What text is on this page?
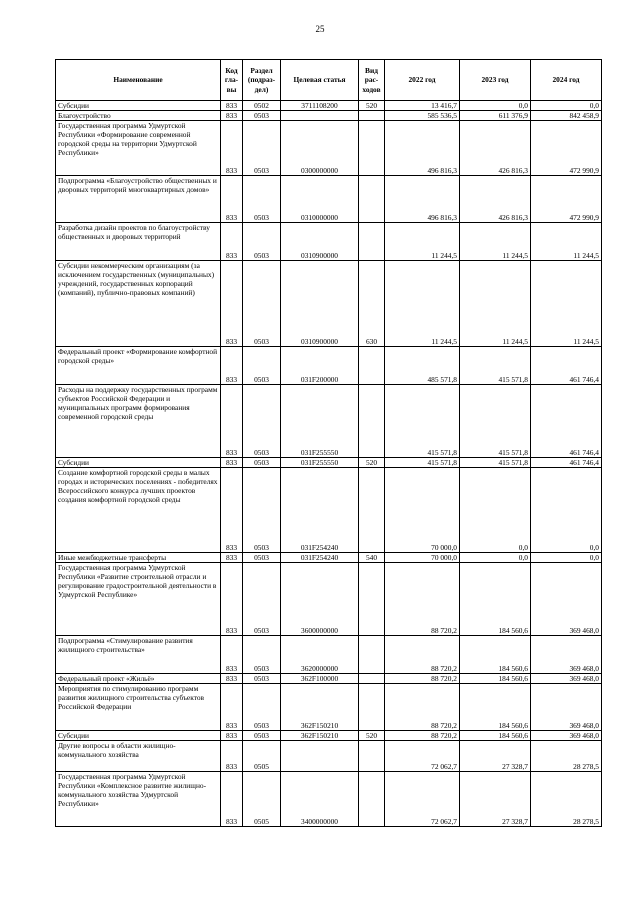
25
Наименование	Код гла-вы	Раздел (подраз-дел)	Целевая статья	Вид рас-ходов	2022 год	2023 год	2024 год
Субсидии	833	0502	3711108200	520	13 416,7	0,0	0,0
Благоустройство	833	0503			585 536,5	611 376,9	842 458,9
Государственная программа Удмуртской Республики «Формирование современной городской среды на территории Удмуртской Республики»	833	0503	0300000000		496 816,3	426 816,3	472 990,9
Подпрограмма «Благоустройство общественных и дворовых территорий многоквартирных домов»	833	0503	0310000000		496 816,3	426 816,3	472 990,9
Разработка дизайн проектов по благоустройству общественных и дворовых территорий	833	0503	0310900000		11 244,5	11 244,5	11 244,5
Субсидии некоммерческим организациям (за исключением государственных (муниципальных) учреждений, государственных корпораций (компаний), публично-правовых компаний)	833	0503	0310900000	630	11 244,5	11 244,5	11 244,5
Федеральный проект «Формирование комфортной городской среды»	833	0503	031F200000		485 571,8	415 571,8	461 746,4
Расходы на поддержку государственных программ субъектов Российской Федерации и муниципальных программ формирования современной городской среды	833	0503	031F255550		415 571,8	415 571,8	461 746,4
Субсидии	833	0503	031F255550	520	415 571,8	415 571,8	461 746,4
Создание комфортной городской среды в малых городах и исторических поселениях - победителях Всероссийского конкурса лучших проектов создания комфортной городской среды	833	0503	031F254240		70 000,0	0,0	0,0
Иные межбюджетные трансферты	833	0503	031F254240	540	70 000,0	0,0	0,0
Государственная программа Удмуртской Республики «Развитие строительной отрасли и регулирование градостроительной деятельности в Удмуртской Республике»	833	0503	3600000000		88 720,2	184 560,6	369 468,0
Подпрограмма «Стимулирование развития жилищного строительства»	833	0503	3620000000		88 720,2	184 560,6	369 468,0
Федеральный проект «Жильё»	833	0503	362F100000		88 720,2	184 560,6	369 468,0
Мероприятия по стимулированию программ развития жилищного строительства субъектов Российской Федерации	833	0503	362F150210		88 720,2	184 560,6	369 468,0
Субсидии	833	0503	362F150210	520	88 720,2	184 560,6	369 468,0
Другие вопросы в области жилищно-коммунального хозяйства	833	0505			72 062,7	27 328,7	28 278,5
Государственная программа Удмуртской Республики «Комплексное развитие жилищно-коммунального хозяйства Удмуртской Республики»	833	0505	3400000000		72 062,7	27 328,7	28 278,5
